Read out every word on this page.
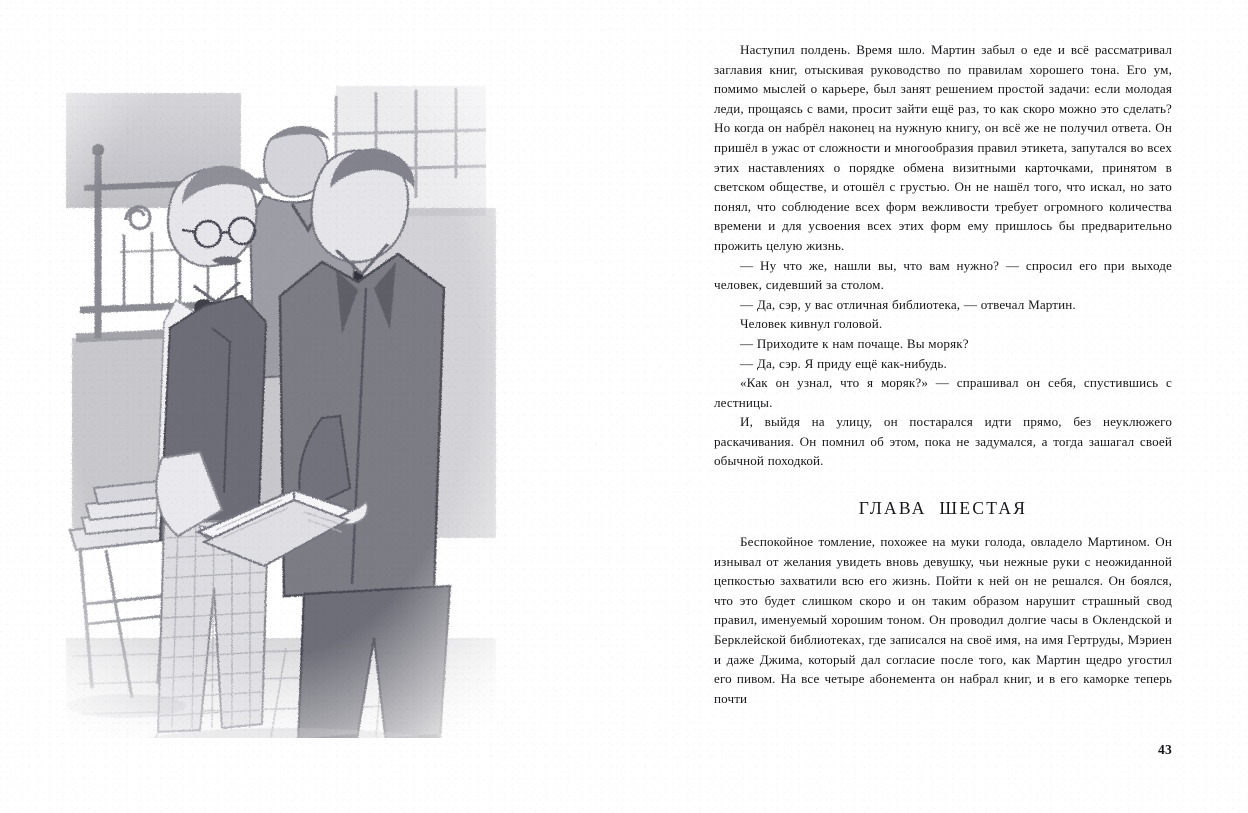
Наступил полдень. Время шло. Мартин забыл о еде и всё рассматривал заглавия книг, отыскивая руководство по правилам хорошего тона. Его ум, помимо мыслей о карьере, был занят решением простой задачи: если молодая леди, прощаясь с вами, просит зайти ещё раз, то как скоро можно это сделать? Но когда он набрёл наконец на нужную книгу, он всё же не получил ответа. Он пришёл в ужас от сложности и многообразия правил этикета, запутался во всех этих наставлениях о порядке обмена визитными карточками, принятом в светском обществе, и отошёл с грустью. Он не нашёл того, что искал, но зато понял, что соблюдение всех форм вежливости требует огромного количества времени и для усвоения всех этих форм ему пришлось бы предварительно прожить целую жизнь.

— Ну что же, нашли вы, что вам нужно? — спросил его при выходе человек, сидевший за столом.

— Да, сэр, у вас отличная библиотека, — отвечал Мартин.

Человек кивнул головой.

— Приходите к нам почаще. Вы моряк?

— Да, сэр. Я приду ещё как-нибудь.

«Как он узнал, что я моряк?» — спрашивал он себя, спустившись с лестницы.

И, выйдя на улицу, он постарался идти прямо, без неуклюжего раскачивания. Он помнил об этом, пока не задумался, а тогда зашагал своей обычной походкой.

ГЛАВА ШЕСТАЯ

Беспокойное томление, похожее на муки голода, овладело Мартином. Он изнывал от желания увидеть вновь девушку, чьи нежные руки с неожиданной цепкостью захватили всю его жизнь. Пойти к ней он не решался. Он боялся, что это будет слишком скоро и он таким образом нарушит страшный свод правил, именуемый хорошим тоном. Он проводил долгие часы в Оклендской и Берклейской библиотеках, где записался на своё имя, на имя Гертруды, Мэриен и даже Джима, который дал согласие после того, как Мартин щедро угостил его пивом. На все четыре абонемента он набрал книг, и в его каморке теперь почти

43
